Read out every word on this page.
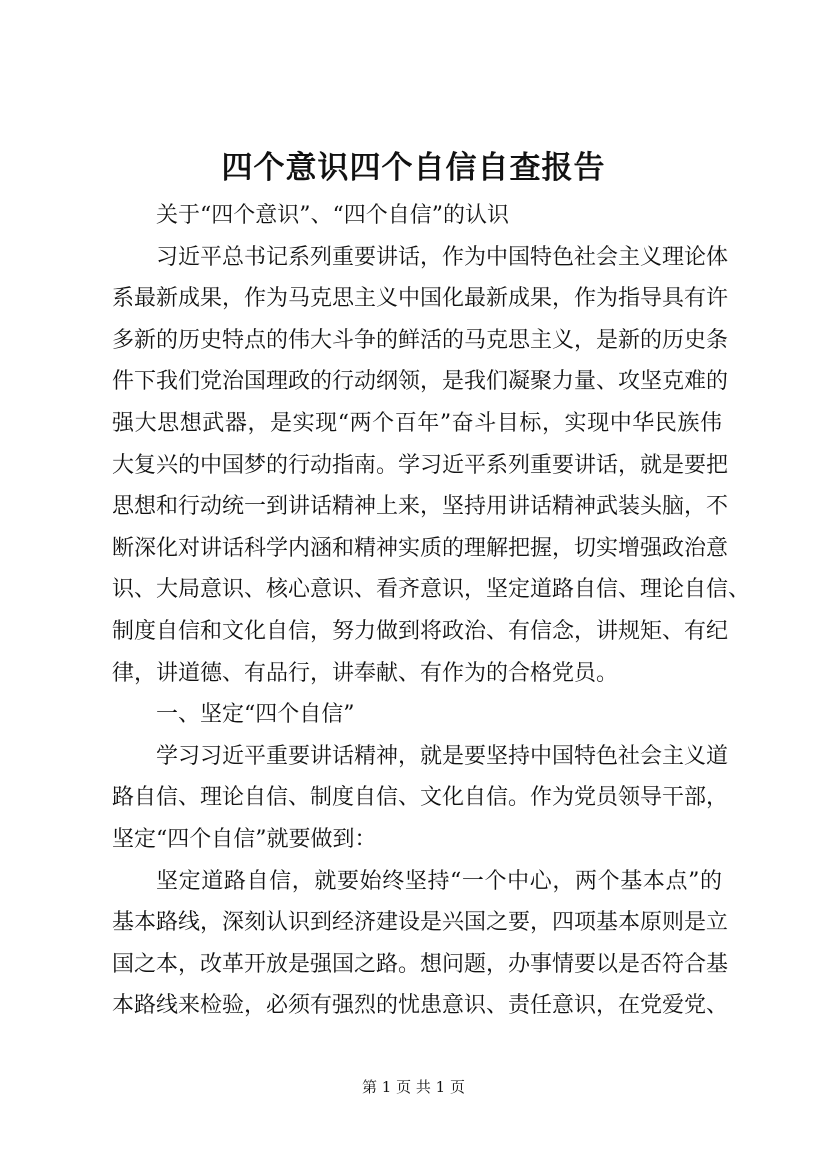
四个意识四个自信自查报告
关于“四个意识”、“四个自信”的认识
习近平总书记系列重要讲话，作为中国特色社会主义理论体
系最新成果，作为马克思主义中国化最新成果，作为指导具有许
多新的历史特点的伟大斗争的鲜活的马克思主义，是新的历史条
件下我们党治国理政的行动纲领，是我们凝聚力量、攻坚克难的
强大思想武器，是实现“两个百年”奋斗目标，实现中华民族伟
大复兴的中国梦的行动指南。学习近平系列重要讲话，就是要把
思想和行动统一到讲话精神上来，坚持用讲话精神武装头脑，不
断深化对讲话科学内涵和精神实质的理解把握，切实增强政治意
识、大局意识、核心意识、看齐意识，坚定道路自信、理论自信、
制度自信和文化自信，努力做到将政治、有信念，讲规矩、有纪
律，讲道德、有品行，讲奉献、有作为的合格党员。
一、坚定“四个自信”
学习习近平重要讲话精神，就是要坚持中国特色社会主义道
路自信、理论自信、制度自信、文化自信。作为党员领导干部，
坚定“四个自信”就要做到：
坚定道路自信，就要始终坚持“一个中心，两个基本点”的
基本路线，深刻认识到经济建设是兴国之要，四项基本原则是立
国之本，改革开放是强国之路。想问题，办事情要以是否符合基
本路线来检验，必须有强烈的忧患意识、责任意识，在党爱党、
第 1 页 共 1 页
